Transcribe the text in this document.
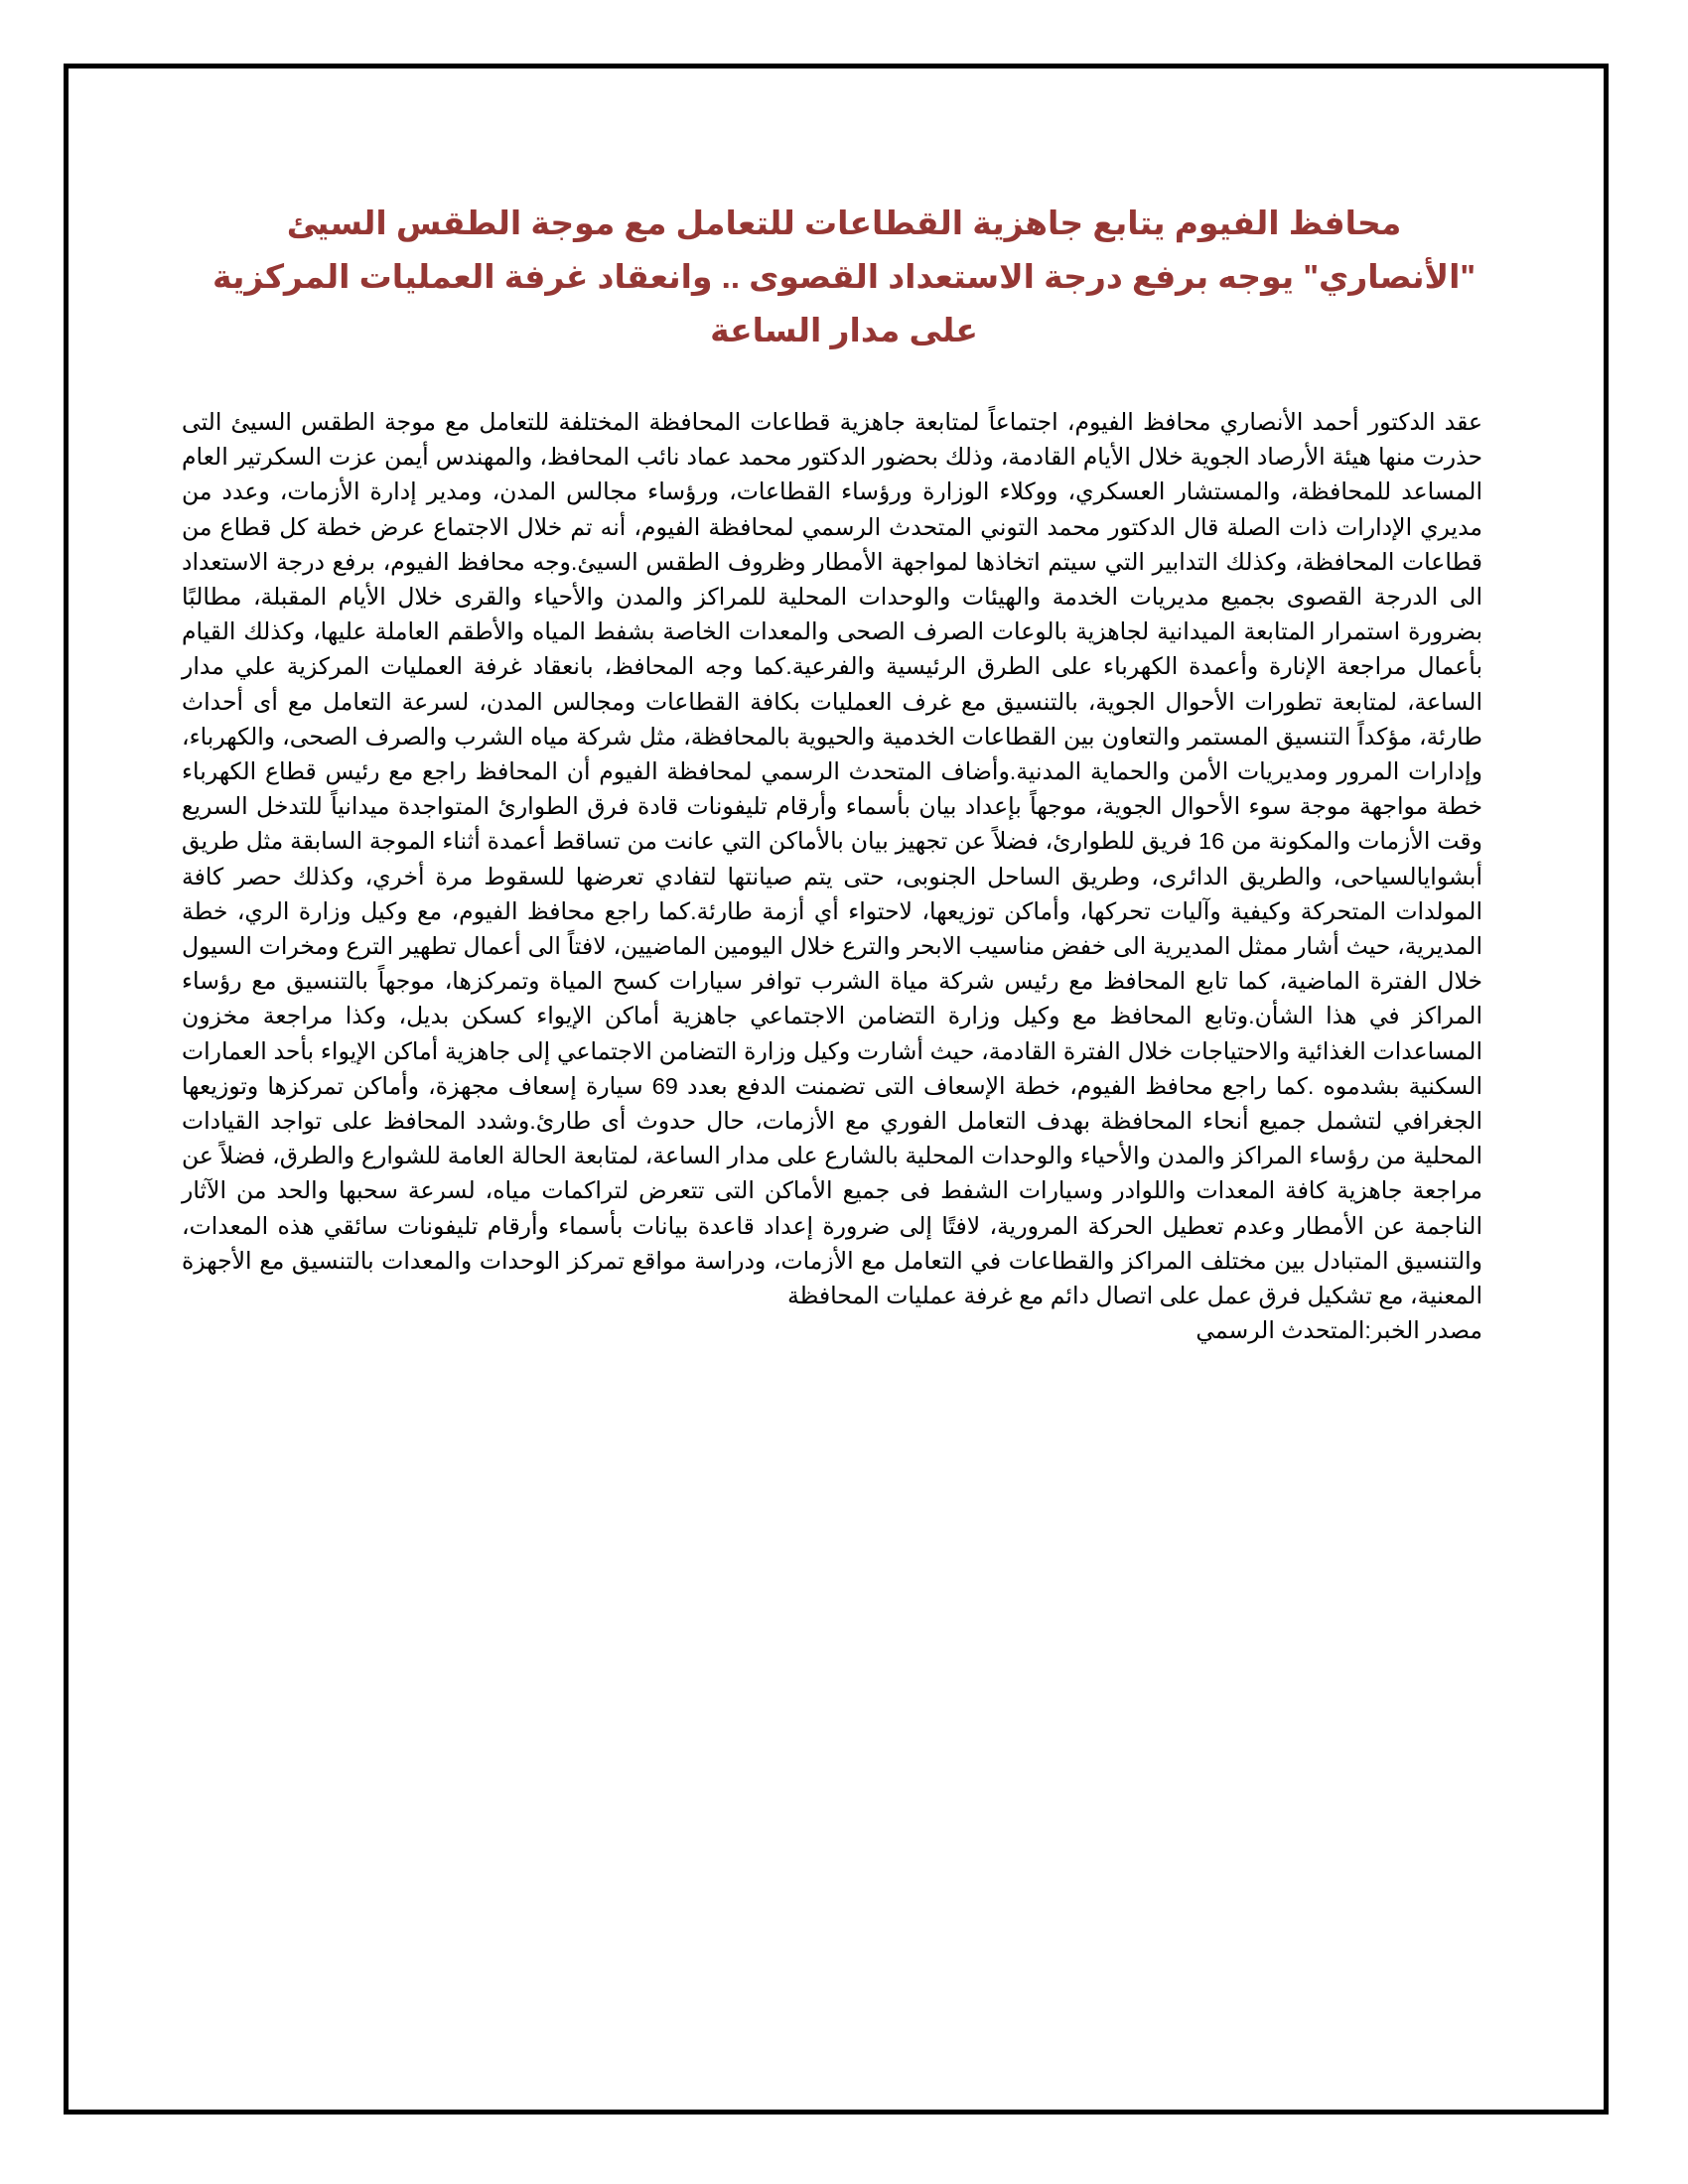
محافظ الفيوم يتابع جاهزية القطاعات للتعامل مع موجة الطقس السيئ "الأنصاري" يوجه برفع درجة الاستعداد القصوى .. وانعقاد غرفة العمليات المركزية على مدار الساعة

عقد الدكتور أحمد الأنصاري محافظ الفيوم، اجتماعاً لمتابعة جاهزية قطاعات المحافظة المختلفة للتعامل مع موجة الطقس السيئ التى حذرت منها هيئة الأرصاد الجوية خلال الأيام القادمة، وذلك بحضور الدكتور محمد عماد نائب المحافظ، والمهندس أيمن عزت السكرتير العام المساعد للمحافظة، والمستشار العسكري، ووكلاء الوزارة ورؤساء القطاعات، ورؤساء مجالس المدن، ومدير إدارة الأزمات، وعدد من مديري الإدارات ذات الصلة قال الدكتور محمد التوني المتحدث الرسمي لمحافظة الفيوم، أنه تم خلال الاجتماع عرض خطة كل قطاع من قطاعات المحافظة، وكذلك التدابير التي سيتم اتخاذها لمواجهة الأمطار وظروف الطقس السيئ.وجه محافظ الفيوم، برفع درجة الاستعداد الى الدرجة القصوى بجميع مديريات الخدمة والهيئات والوحدات المحلية للمراكز والمدن والأحياء والقرى خلال الأيام المقبلة، مطالبًا بضرورة استمرار المتابعة الميدانية لجاهزية بالوعات الصرف الصحى والمعدات الخاصة بشفط المياه والأطقم العاملة عليها، وكذلك القيام بأعمال مراجعة الإنارة وأعمدة الكهرباء على الطرق الرئيسية والفرعية.كما وجه المحافظ، بانعقاد غرفة العمليات المركزية علي مدار الساعة، لمتابعة تطورات الأحوال الجوية، بالتنسيق مع غرف العمليات بكافة القطاعات ومجالس المدن، لسرعة التعامل مع أى أحداث طارئة، مؤكداً التنسيق المستمر والتعاون بين القطاعات الخدمية والحيوية بالمحافظة، مثل شركة مياه الشرب والصرف الصحى، والكهرباء، وإدارات المرور ومديريات الأمن والحماية المدنية.وأضاف المتحدث الرسمي لمحافظة الفيوم أن المحافظ راجع مع رئيس قطاع الكهرباء خطة مواجهة موجة سوء الأحوال الجوية، موجهاً بإعداد بيان بأسماء وأرقام تليفونات قادة فرق الطوارئ المتواجدة ميدانياً للتدخل السريع وقت الأزمات والمكونة من 16 فريق للطوارئ، فضلاً عن تجهيز بيان بالأماكن التي عانت من تساقط أعمدة أثناء الموجة السابقة مثل طريق أبشوايالسياحى، والطريق الدائرى، وطريق الساحل الجنوبى، حتى يتم صيانتها لتفادي تعرضها للسقوط مرة أخري، وكذلك حصر كافة المولدات المتحركة وكيفية وآليات تحركها، وأماكن توزيعها، لاحتواء أي أزمة طارئة.كما راجع محافظ الفيوم، مع وكيل وزارة الري، خطة المديرية، حيث أشار ممثل المديرية الى خفض مناسيب الابحر والترع خلال اليومين الماضيين، لافتاً الى أعمال تطهير الترع ومخرات السيول خلال الفترة الماضية، كما تابع المحافظ مع رئيس شركة مياة الشرب توافر سيارات كسح المياة وتمركزها، موجهاً بالتنسيق مع رؤساء المراكز في هذا الشأن.وتابع المحافظ مع وكيل وزارة التضامن الاجتماعي جاهزية أماكن الإيواء كسكن بديل، وكذا مراجعة مخزون المساعدات الغذائية والاحتياجات خلال الفترة القادمة، حيث أشارت وكيل وزارة التضامن الاجتماعي إلى جاهزية أماكن الإيواء بأحد العمارات السكنية بشدموه .كما راجع محافظ الفيوم، خطة الإسعاف التى تضمنت الدفع بعدد 69 سيارة إسعاف مجهزة، وأماكن تمركزها وتوزيعها الجغرافي لتشمل جميع أنحاء المحافظة بهدف التعامل الفوري مع الأزمات، حال حدوث أى طارئ.وشدد المحافظ على تواجد القيادات المحلية من رؤساء المراكز والمدن والأحياء والوحدات المحلية بالشارع على مدار الساعة، لمتابعة الحالة العامة للشوارع والطرق، فضلاً عن مراجعة جاهزية كافة المعدات واللوادر وسيارات الشفط فى جميع الأماكن التى تتعرض لتراكمات مياه، لسرعة سحبها والحد من الآثار الناجمة عن الأمطار وعدم تعطيل الحركة المرورية، لافتًا إلى ضرورة إعداد قاعدة بيانات بأسماء وأرقام تليفونات سائقي هذه المعدات، والتنسيق المتبادل بين مختلف المراكز والقطاعات في التعامل مع الأزمات، ودراسة مواقع تمركز الوحدات والمعدات بالتنسيق مع الأجهزة المعنية، مع تشكيل فرق عمل على اتصال دائم مع غرفة عمليات المحافظة

مصدر الخبر:المتحدث الرسمي
